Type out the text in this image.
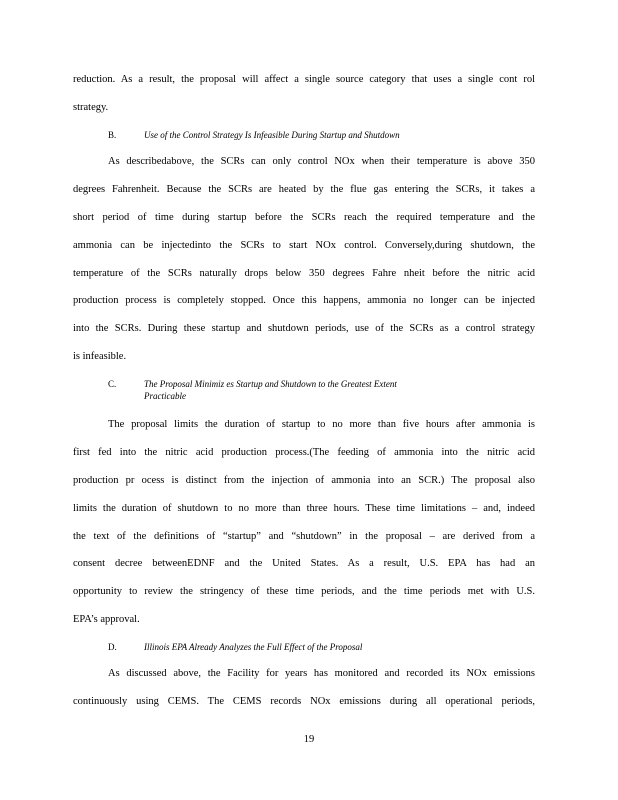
reduction. As a result, the proposal will affect a single source category that uses a single cont rol
strategy.
B.	Use of the Control Strategy Is Infeasible During Startup and Shutdown
As describedabove, the SCRs can only control NOx when their temperature is above 350
degrees Fahrenheit. Because the SCRs are heated by the flue gas entering the SCRs, it takes a
short period of time during startup before the SCRs reach the required temperature and the
ammonia can be injectedinto the SCRs to start NOx control. Conversely,during shutdown, the
temperature of the SCRs naturally drops below 350 degrees Fahre nheit before the nitric acid
production process is completely stopped. Once this happens, ammonia no longer can be injected
into the SCRs. During these startup and shutdown periods, use of the SCRs as a control strategy
is infeasible.
C.	The Proposal Minimiz es Startup and Shutdown to the Greatest Extent
Practicable
The proposal limits the duration of startup to no more than five hours after ammonia is
first fed into the nitric acid production process.(The feeding of ammonia into the nitric acid
production pr ocess is distinct from the injection of ammonia into an SCR.) The proposal also
limits the duration of shutdown to no more than three hours. These time limitations – and, indeed
the text of the definitions of “startup” and “shutdown” in the proposal – are derived from a
consent decree betweenEDNF and the United States. As a result, U.S. EPA has had an
opportunity to review the stringency of these time periods, and the time periods met with U.S.
EPA’s approval.
D.	Illinois EPA Already Analyzes the Full Effect of the Proposal
As discussed above, the Facility for years has monitored and recorded its NOx emissions
continuously using CEMS. The CEMS records NOx emissions during all operational periods,
19
